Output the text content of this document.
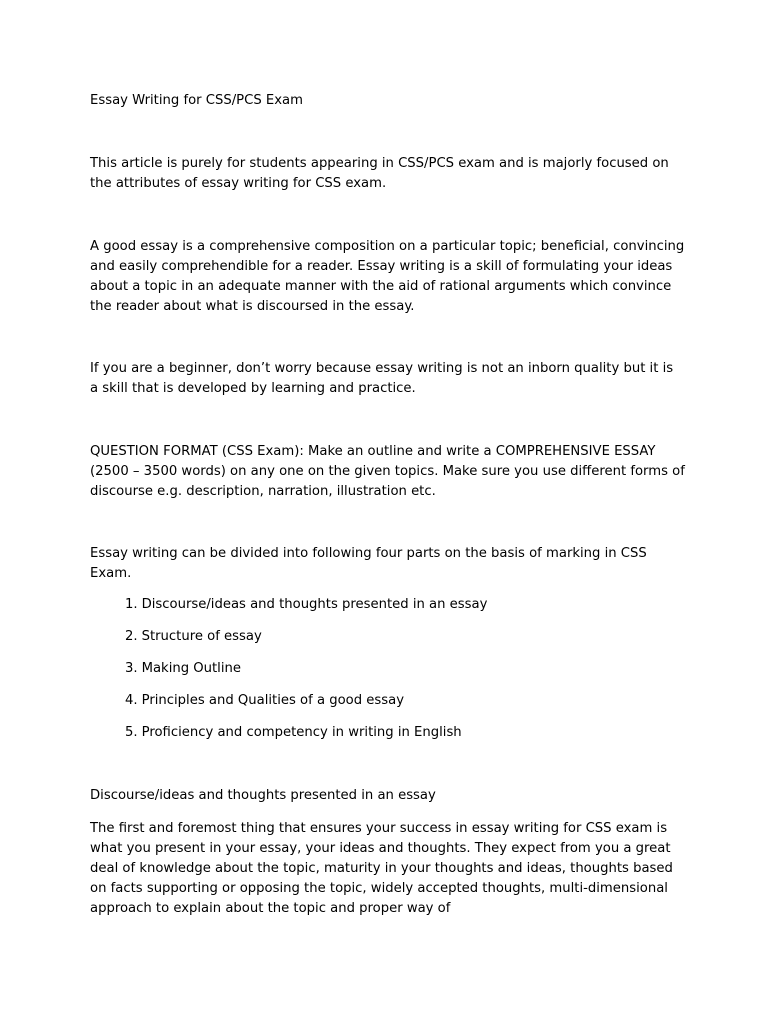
Essay Writing for CSS/PCS Exam

This article is purely for students appearing in CSS/PCS exam and is majorly focused on the attributes of essay writing for CSS exam.

A good essay is a comprehensive composition on a particular topic; beneficial, convincing and easily comprehendible for a reader. Essay writing is a skill of formulating your ideas about a topic in an adequate manner with the aid of rational arguments which convince the reader about what is discoursed in the essay.

If you are a beginner, don’t worry because essay writing is not an inborn quality but it is a skill that is developed by learning and practice.

QUESTION FORMAT (CSS Exam): Make an outline and write a COMPREHENSIVE ESSAY (2500 – 3500 words) on any one on the given topics. Make sure you use different forms of discourse e.g. description, narration, illustration etc.

Essay writing can be divided into following four parts on the basis of marking in CSS Exam.

1. Discourse/ideas and thoughts presented in an essay
2. Structure of essay
3. Making Outline
4. Principles and Qualities of a good essay
5. Proficiency and competency in writing in English

Discourse/ideas and thoughts presented in an essay

The first and foremost thing that ensures your success in essay writing for CSS exam is what you present in your essay, your ideas and thoughts. They expect from you a great deal of knowledge about the topic, maturity in your thoughts and ideas, thoughts based on facts supporting or opposing the topic, widely accepted thoughts, multi-dimensional approach to explain about the topic and proper way of
